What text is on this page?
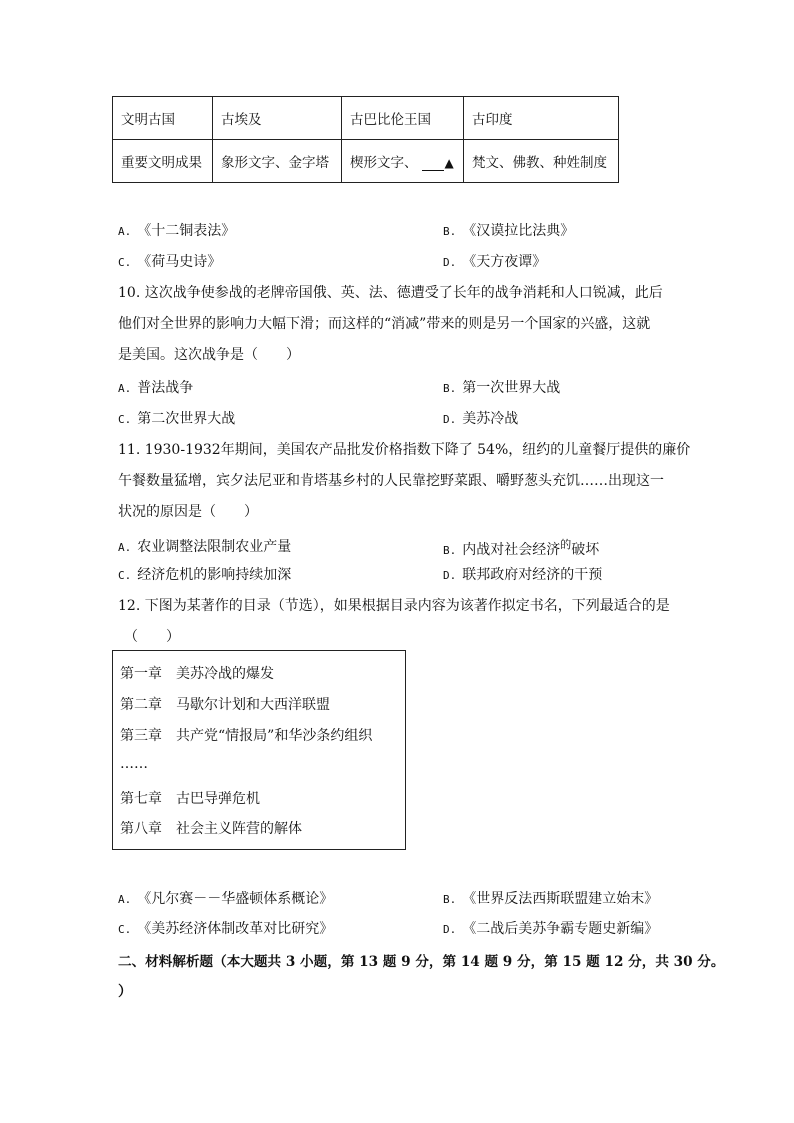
文明古国	古埃及	古巴比伦王国	古印度
重要文明成果	象形文字、金字塔	楔形文字、 ▲	梵文、佛教、种姓制度
A. 《十二铜表法》	B. 《汉谟拉比法典》
C. 《荷马史诗》	D. 《天方夜谭》
10. 这次战争使参战的老牌帝国俄、英、法、德遭受了长年的战争消耗和人口锐减，此后
他们对全世界的影响力大幅下滑；而这样的“消减”带来的则是另一个国家的兴盛，这就
是美国。这次战争是（　　）
A. 普法战争	B. 第一次世界大战
C. 第二次世界大战	D. 美苏冷战
11. 1930-1932年期间，美国农产品批发价格指数下降了 54%，纽约的儿童餐厅提供的廉价
午餐数量猛增，宾夕法尼亚和肯塔基乡村的人民靠挖野菜跟、嚼野葱头充饥……出现这一
状况的原因是（　　）
A. 农业调整法限制农业产量	B. 内战对社会经济$^的$破坏
C. 经济危机的影响持续加深	D. 联邦政府对经济的干预
12. 下图为某著作的目录（节选），如果根据目录内容为该著作拟定书名，下列最适合的是
（　　）
第一章　美苏冷战的爆发
第二章　马歇尔计划和大西洋联盟
第三章　共产党“情报局”和华沙条约组织
……
第七章　古巴导弹危机
第八章　社会主义阵营的解体
A. 《凡尔赛－－华盛顿体系概论》	B. 《世界反法西斯联盟建立始末》
C. 《美苏经济体制改革对比研究》	D. 《二战后美苏争霸专题史新编》
二、材料解析题（本大题共 3 小题，第 13 题 9 分，第 14 题 9 分，第 15 题 12 分，共 30 分。
）
